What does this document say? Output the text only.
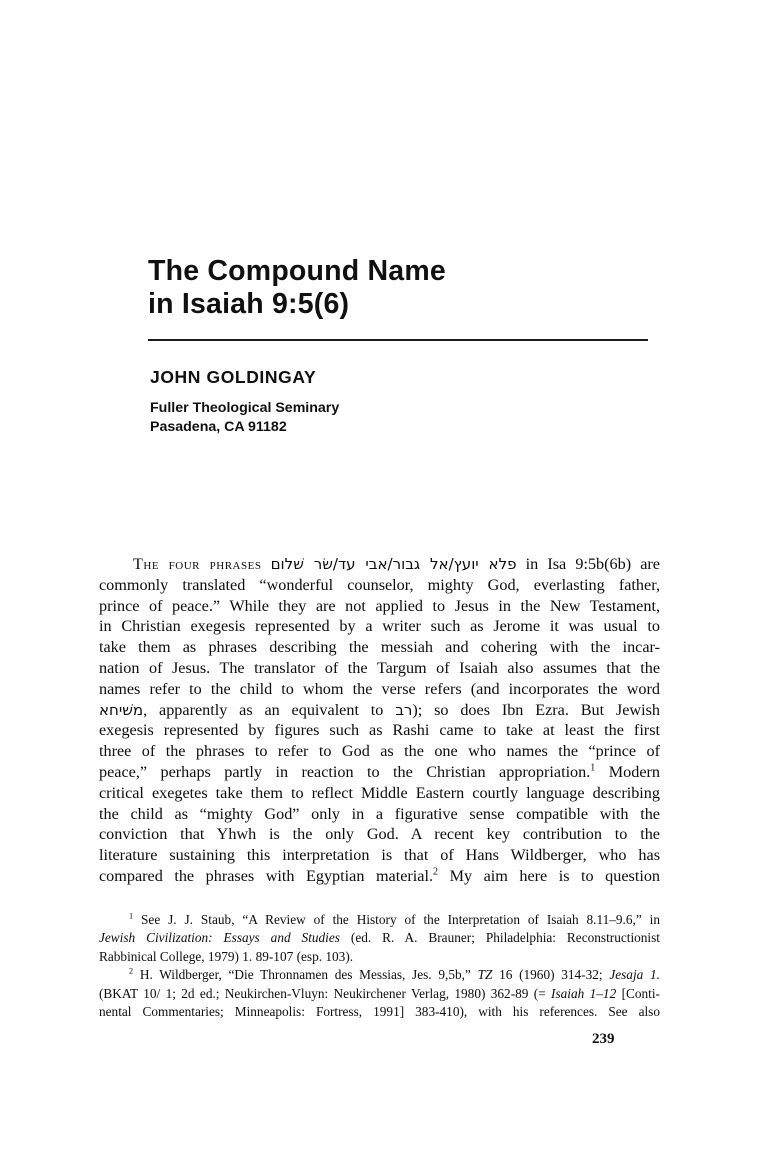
The Compound Name
in Isaiah 9:5(6)
JOHN GOLDINGAY
Fuller Theological Seminary
Pasadena, CA 91182
The four phrases פלא יועץ/אל גבור/אבי עד/שׂר שׁלום in Isa 9:5b(6b) are
commonly translated “wonderful counselor, mighty God, everlasting father,
prince of peace.” While they are not applied to Jesus in the New Testament,
in Christian exegesis represented by a writer such as Jerome it was usual to
take them as phrases describing the messiah and cohering with the incar-
nation of Jesus. The translator of the Targum of Isaiah also assumes that the
names refer to the child to whom the verse refers (and incorporates the word
משׁיחא, apparently as an equivalent to רב); so does Ibn Ezra. But Jewish
exegesis represented by figures such as Rashi came to take at least the first
three of the phrases to refer to God as the one who names the “prince of
peace,” perhaps partly in reaction to the Christian appropriation.$^1$ Modern
critical exegetes take them to reflect Middle Eastern courtly language describing
the child as “mighty God” only in a figurative sense compatible with the
conviction that Yhwh is the only God. A recent key contribution to the
literature sustaining this interpretation is that of Hans Wildberger, who has
compared the phrases with Egyptian material.$^2$ My aim here is to question
$^1$ See J. J. Staub, “A Review of the History of the Interpretation of Isaiah 8.11–9.6,” in
Jewish Civilization: Essays and Studies (ed. R. A. Brauner; Philadelphia: Reconstructionist
Rabbinical College, 1979) 1. 89-107 (esp. 103).
$^2$ H. Wildberger, “Die Thronnamen des Messias, Jes. 9,5b,” TZ 16 (1960) 314-32; Jesaja 1.
(BKAT 10/ 1; 2d ed.; Neukirchen-Vluyn: Neukirchener Verlag, 1980) 362-89 (= Isaiah 1–12 [Conti-
nental Commentaries; Minneapolis: Fortress, 1991] 383-410), with his references. See also
239
